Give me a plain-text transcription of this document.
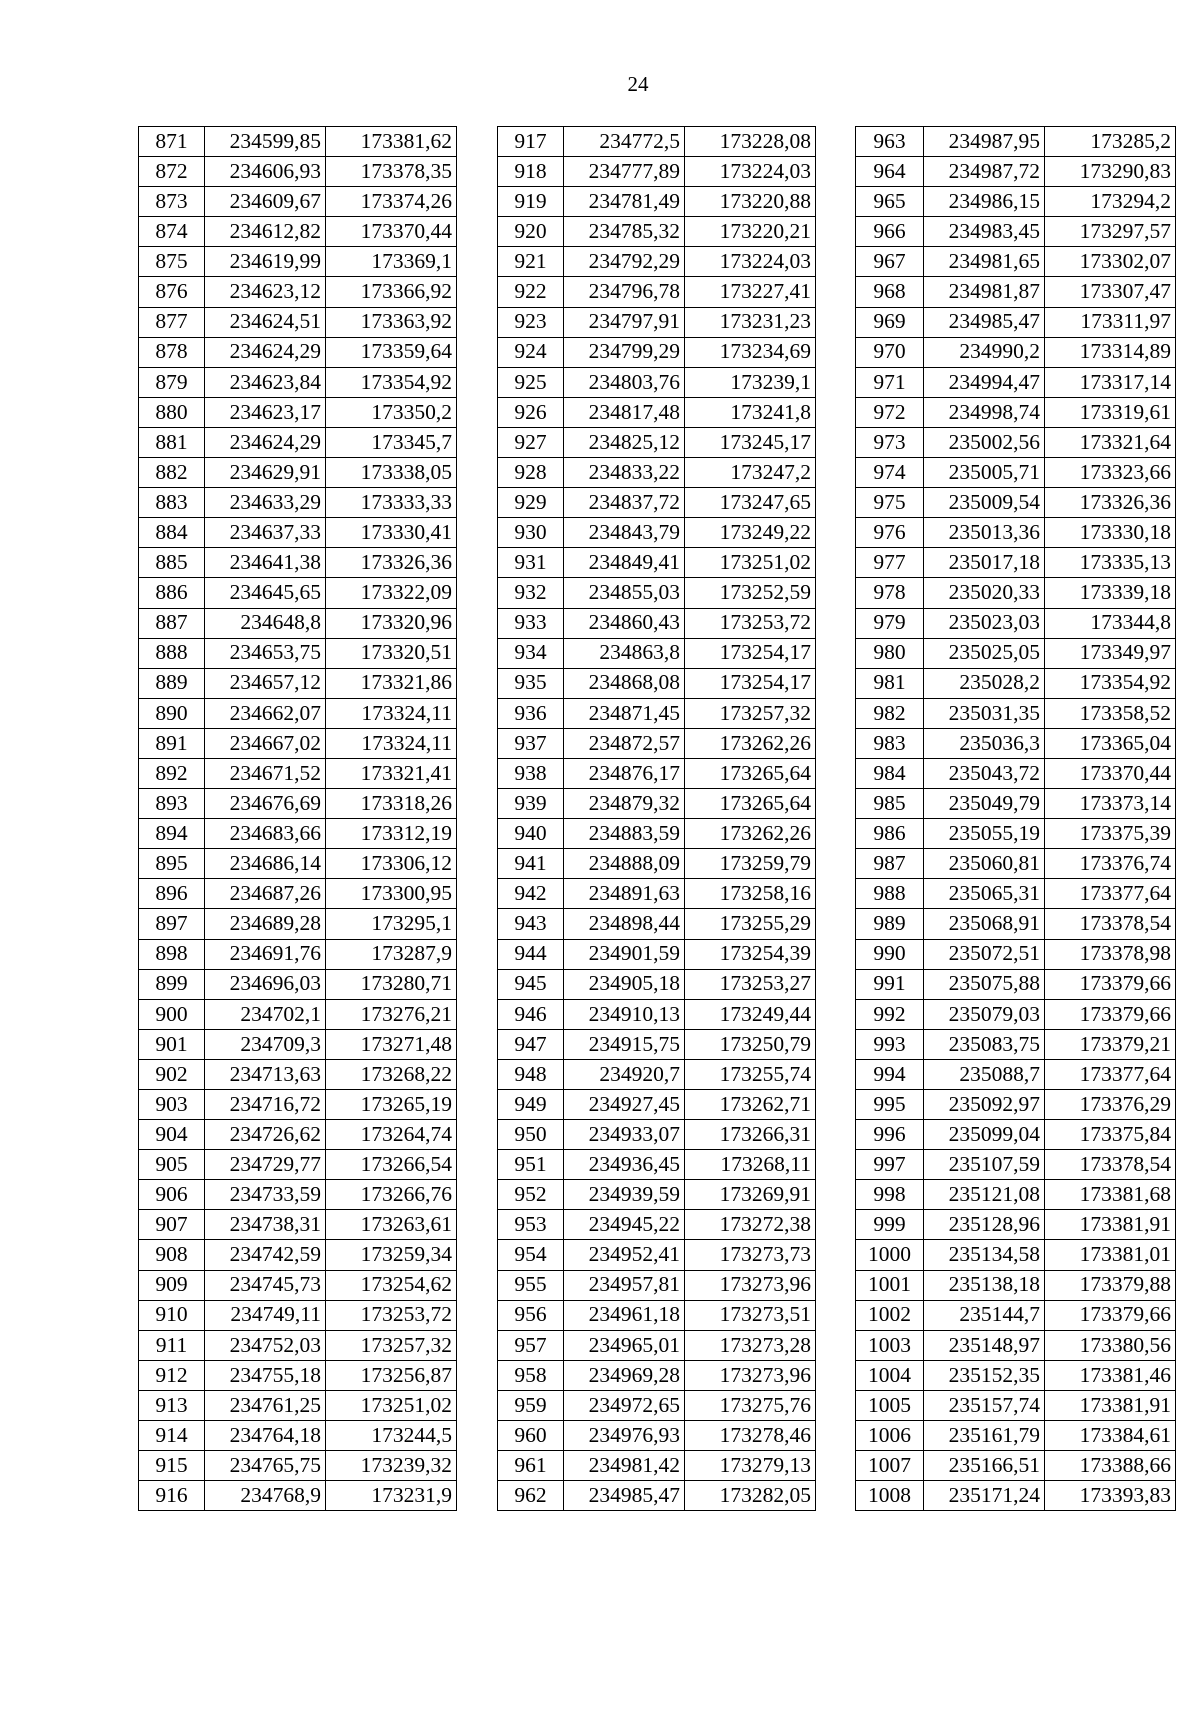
24
871	234599,85	173381,62
872	234606,93	173378,35
873	234609,67	173374,26
874	234612,82	173370,44
875	234619,99	173369,1
876	234623,12	173366,92
877	234624,51	173363,92
878	234624,29	173359,64
879	234623,84	173354,92
880	234623,17	173350,2
881	234624,29	173345,7
882	234629,91	173338,05
883	234633,29	173333,33
884	234637,33	173330,41
885	234641,38	173326,36
886	234645,65	173322,09
887	234648,8	173320,96
888	234653,75	173320,51
889	234657,12	173321,86
890	234662,07	173324,11
891	234667,02	173324,11
892	234671,52	173321,41
893	234676,69	173318,26
894	234683,66	173312,19
895	234686,14	173306,12
896	234687,26	173300,95
897	234689,28	173295,1
898	234691,76	173287,9
899	234696,03	173280,71
900	234702,1	173276,21
901	234709,3	173271,48
902	234713,63	173268,22
903	234716,72	173265,19
904	234726,62	173264,74
905	234729,77	173266,54
906	234733,59	173266,76
907	234738,31	173263,61
908	234742,59	173259,34
909	234745,73	173254,62
910	234749,11	173253,72
911	234752,03	173257,32
912	234755,18	173256,87
913	234761,25	173251,02
914	234764,18	173244,5
915	234765,75	173239,32
916	234768,9	173231,9
917	234772,5	173228,08
918	234777,89	173224,03
919	234781,49	173220,88
920	234785,32	173220,21
921	234792,29	173224,03
922	234796,78	173227,41
923	234797,91	173231,23
924	234799,29	173234,69
925	234803,76	173239,1
926	234817,48	173241,8
927	234825,12	173245,17
928	234833,22	173247,2
929	234837,72	173247,65
930	234843,79	173249,22
931	234849,41	173251,02
932	234855,03	173252,59
933	234860,43	173253,72
934	234863,8	173254,17
935	234868,08	173254,17
936	234871,45	173257,32
937	234872,57	173262,26
938	234876,17	173265,64
939	234879,32	173265,64
940	234883,59	173262,26
941	234888,09	173259,79
942	234891,63	173258,16
943	234898,44	173255,29
944	234901,59	173254,39
945	234905,18	173253,27
946	234910,13	173249,44
947	234915,75	173250,79
948	234920,7	173255,74
949	234927,45	173262,71
950	234933,07	173266,31
951	234936,45	173268,11
952	234939,59	173269,91
953	234945,22	173272,38
954	234952,41	173273,73
955	234957,81	173273,96
956	234961,18	173273,51
957	234965,01	173273,28
958	234969,28	173273,96
959	234972,65	173275,76
960	234976,93	173278,46
961	234981,42	173279,13
962	234985,47	173282,05
963	234987,95	173285,2
964	234987,72	173290,83
965	234986,15	173294,2
966	234983,45	173297,57
967	234981,65	173302,07
968	234981,87	173307,47
969	234985,47	173311,97
970	234990,2	173314,89
971	234994,47	173317,14
972	234998,74	173319,61
973	235002,56	173321,64
974	235005,71	173323,66
975	235009,54	173326,36
976	235013,36	173330,18
977	235017,18	173335,13
978	235020,33	173339,18
979	235023,03	173344,8
980	235025,05	173349,97
981	235028,2	173354,92
982	235031,35	173358,52
983	235036,3	173365,04
984	235043,72	173370,44
985	235049,79	173373,14
986	235055,19	173375,39
987	235060,81	173376,74
988	235065,31	173377,64
989	235068,91	173378,54
990	235072,51	173378,98
991	235075,88	173379,66
992	235079,03	173379,66
993	235083,75	173379,21
994	235088,7	173377,64
995	235092,97	173376,29
996	235099,04	173375,84
997	235107,59	173378,54
998	235121,08	173381,68
999	235128,96	173381,91
1000	235134,58	173381,01
1001	235138,18	173379,88
1002	235144,7	173379,66
1003	235148,97	173380,56
1004	235152,35	173381,46
1005	235157,74	173381,91
1006	235161,79	173384,61
1007	235166,51	173388,66
1008	235171,24	173393,83
